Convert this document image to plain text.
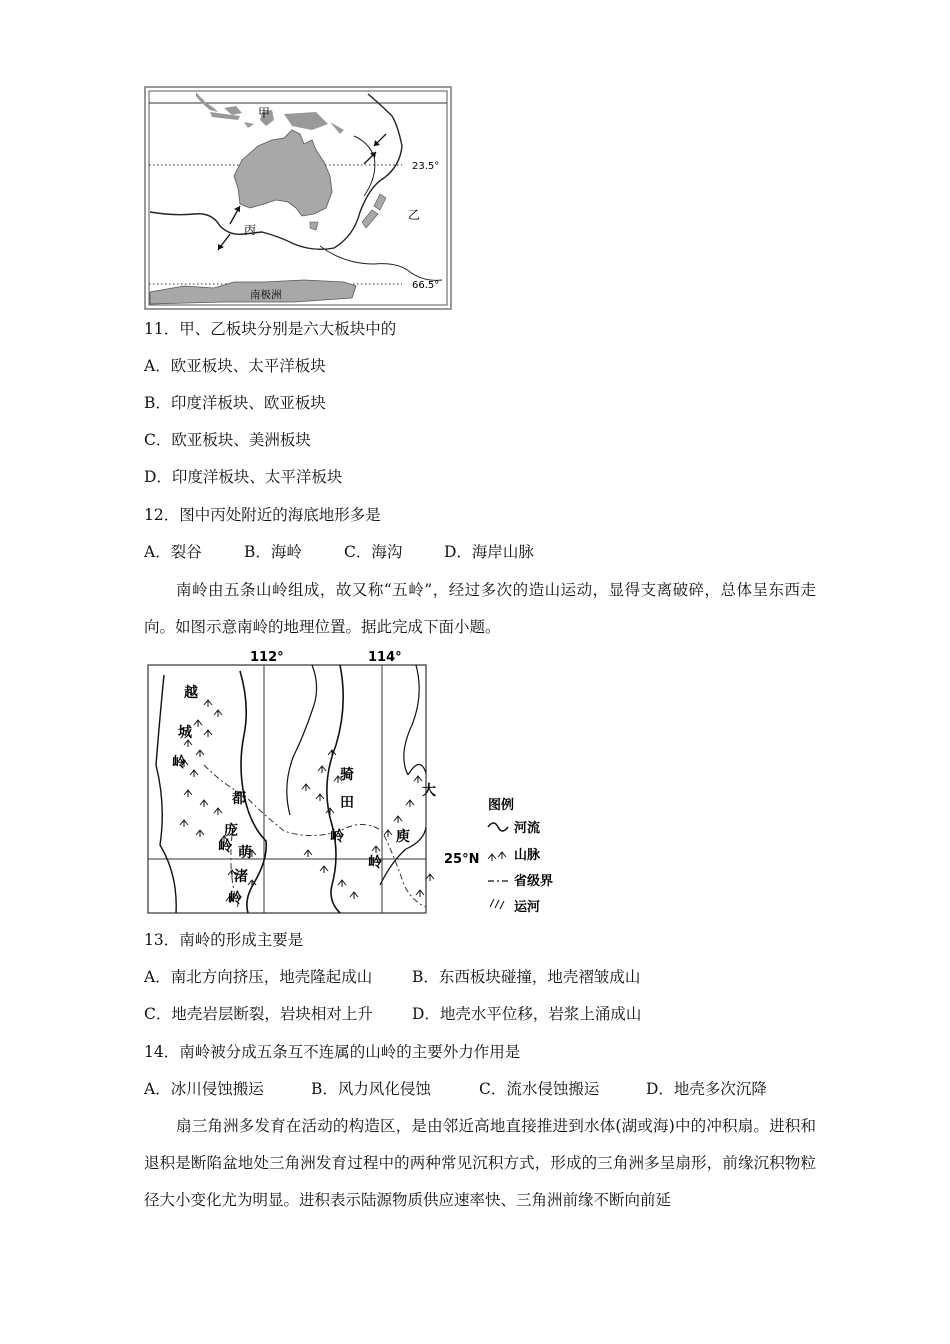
甲
乙
丙
南极洲
23.5°
66.5°
11．甲、乙板块分别是六大板块中的
A．欧亚板块、太平洋板块
B．印度洋板块、欧亚板块
C．欧亚板块、美洲板块
D．印度洋板块、太平洋板块
12．图中丙处附近的海底地形多是
A．裂谷	B．海岭	C．海沟	D．海岸山脉
南岭由五条山岭组成，故又称“五岭”，经过多次的造山运动，显得支离破碎，总体呈东西走向。如图示意南岭的地理位置。据此完成下面小题。
112°	114°
25°N
越
城
岭
都
庞
岭 萌
渚
岭
骑
田
岭
大
庾
岭
图例
河流
山脉
省级界
运河
13．南岭的形成主要是
A．南北方向挤压，地壳隆起成山	B．东西板块碰撞，地壳褶皱成山
C．地壳岩层断裂，岩块相对上升	D．地壳水平位移，岩浆上涌成山
14．南岭被分成五条互不连属的山岭的主要外力作用是
A．冰川侵蚀搬运	B．风力风化侵蚀	C．流水侵蚀搬运	D．地壳多次沉降
扇三角洲多发育在活动的构造区，是由邻近高地直接推进到水体(湖或海)中的冲积扇。进积和退积是断陷盆地处三角洲发育过程中的两种常见沉积方式，形成的三角洲多呈扇形，前缘沉积物粒径大小变化尤为明显。进积表示陆源物质供应速率快、三角洲前缘不断向前延
